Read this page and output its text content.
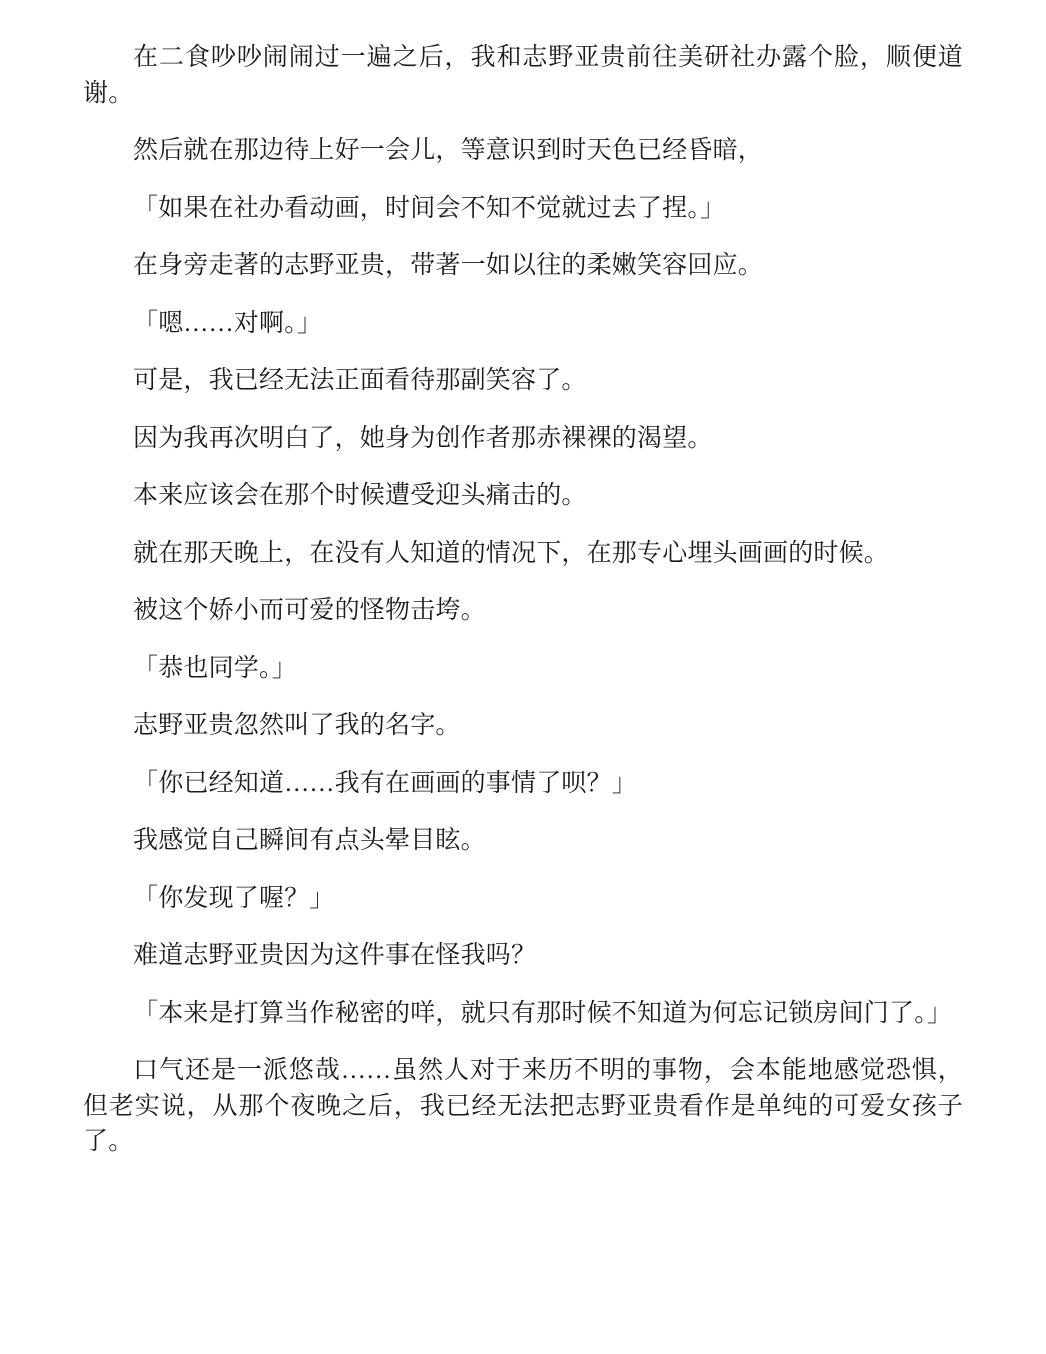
在二食吵吵闹闹过一遍之后，我和志野亚贵前往美研社办露个脸，顺便道谢。

然后就在那边待上好一会儿，等意识到时天色已经昏暗，

「如果在社办看动画，时间会不知不觉就过去了捏。」

在身旁走著的志野亚贵，带著一如以往的柔嫩笑容回应。

「嗯……对啊。」

可是，我已经无法正面看待那副笑容了。

因为我再次明白了，她身为创作者那赤裸裸的渴望。

本来应该会在那个时候遭受迎头痛击的。

就在那天晚上，在没有人知道的情况下，在那专心埋头画画的时候。

被这个娇小而可爱的怪物击垮。

「恭也同学。」

志野亚贵忽然叫了我的名字。

「你已经知道……我有在画画的事情了呗？」

我感觉自己瞬间有点头晕目眩。

「你发现了喔？」

难道志野亚贵因为这件事在怪我吗？

「本来是打算当作秘密的咩，就只有那时候不知道为何忘记锁房间门了。」

口气还是一派悠哉……虽然人对于来历不明的事物，会本能地感觉恐惧，但老实说，从那个夜晚之后，我已经无法把志野亚贵看作是单纯的可爱女孩子了。
